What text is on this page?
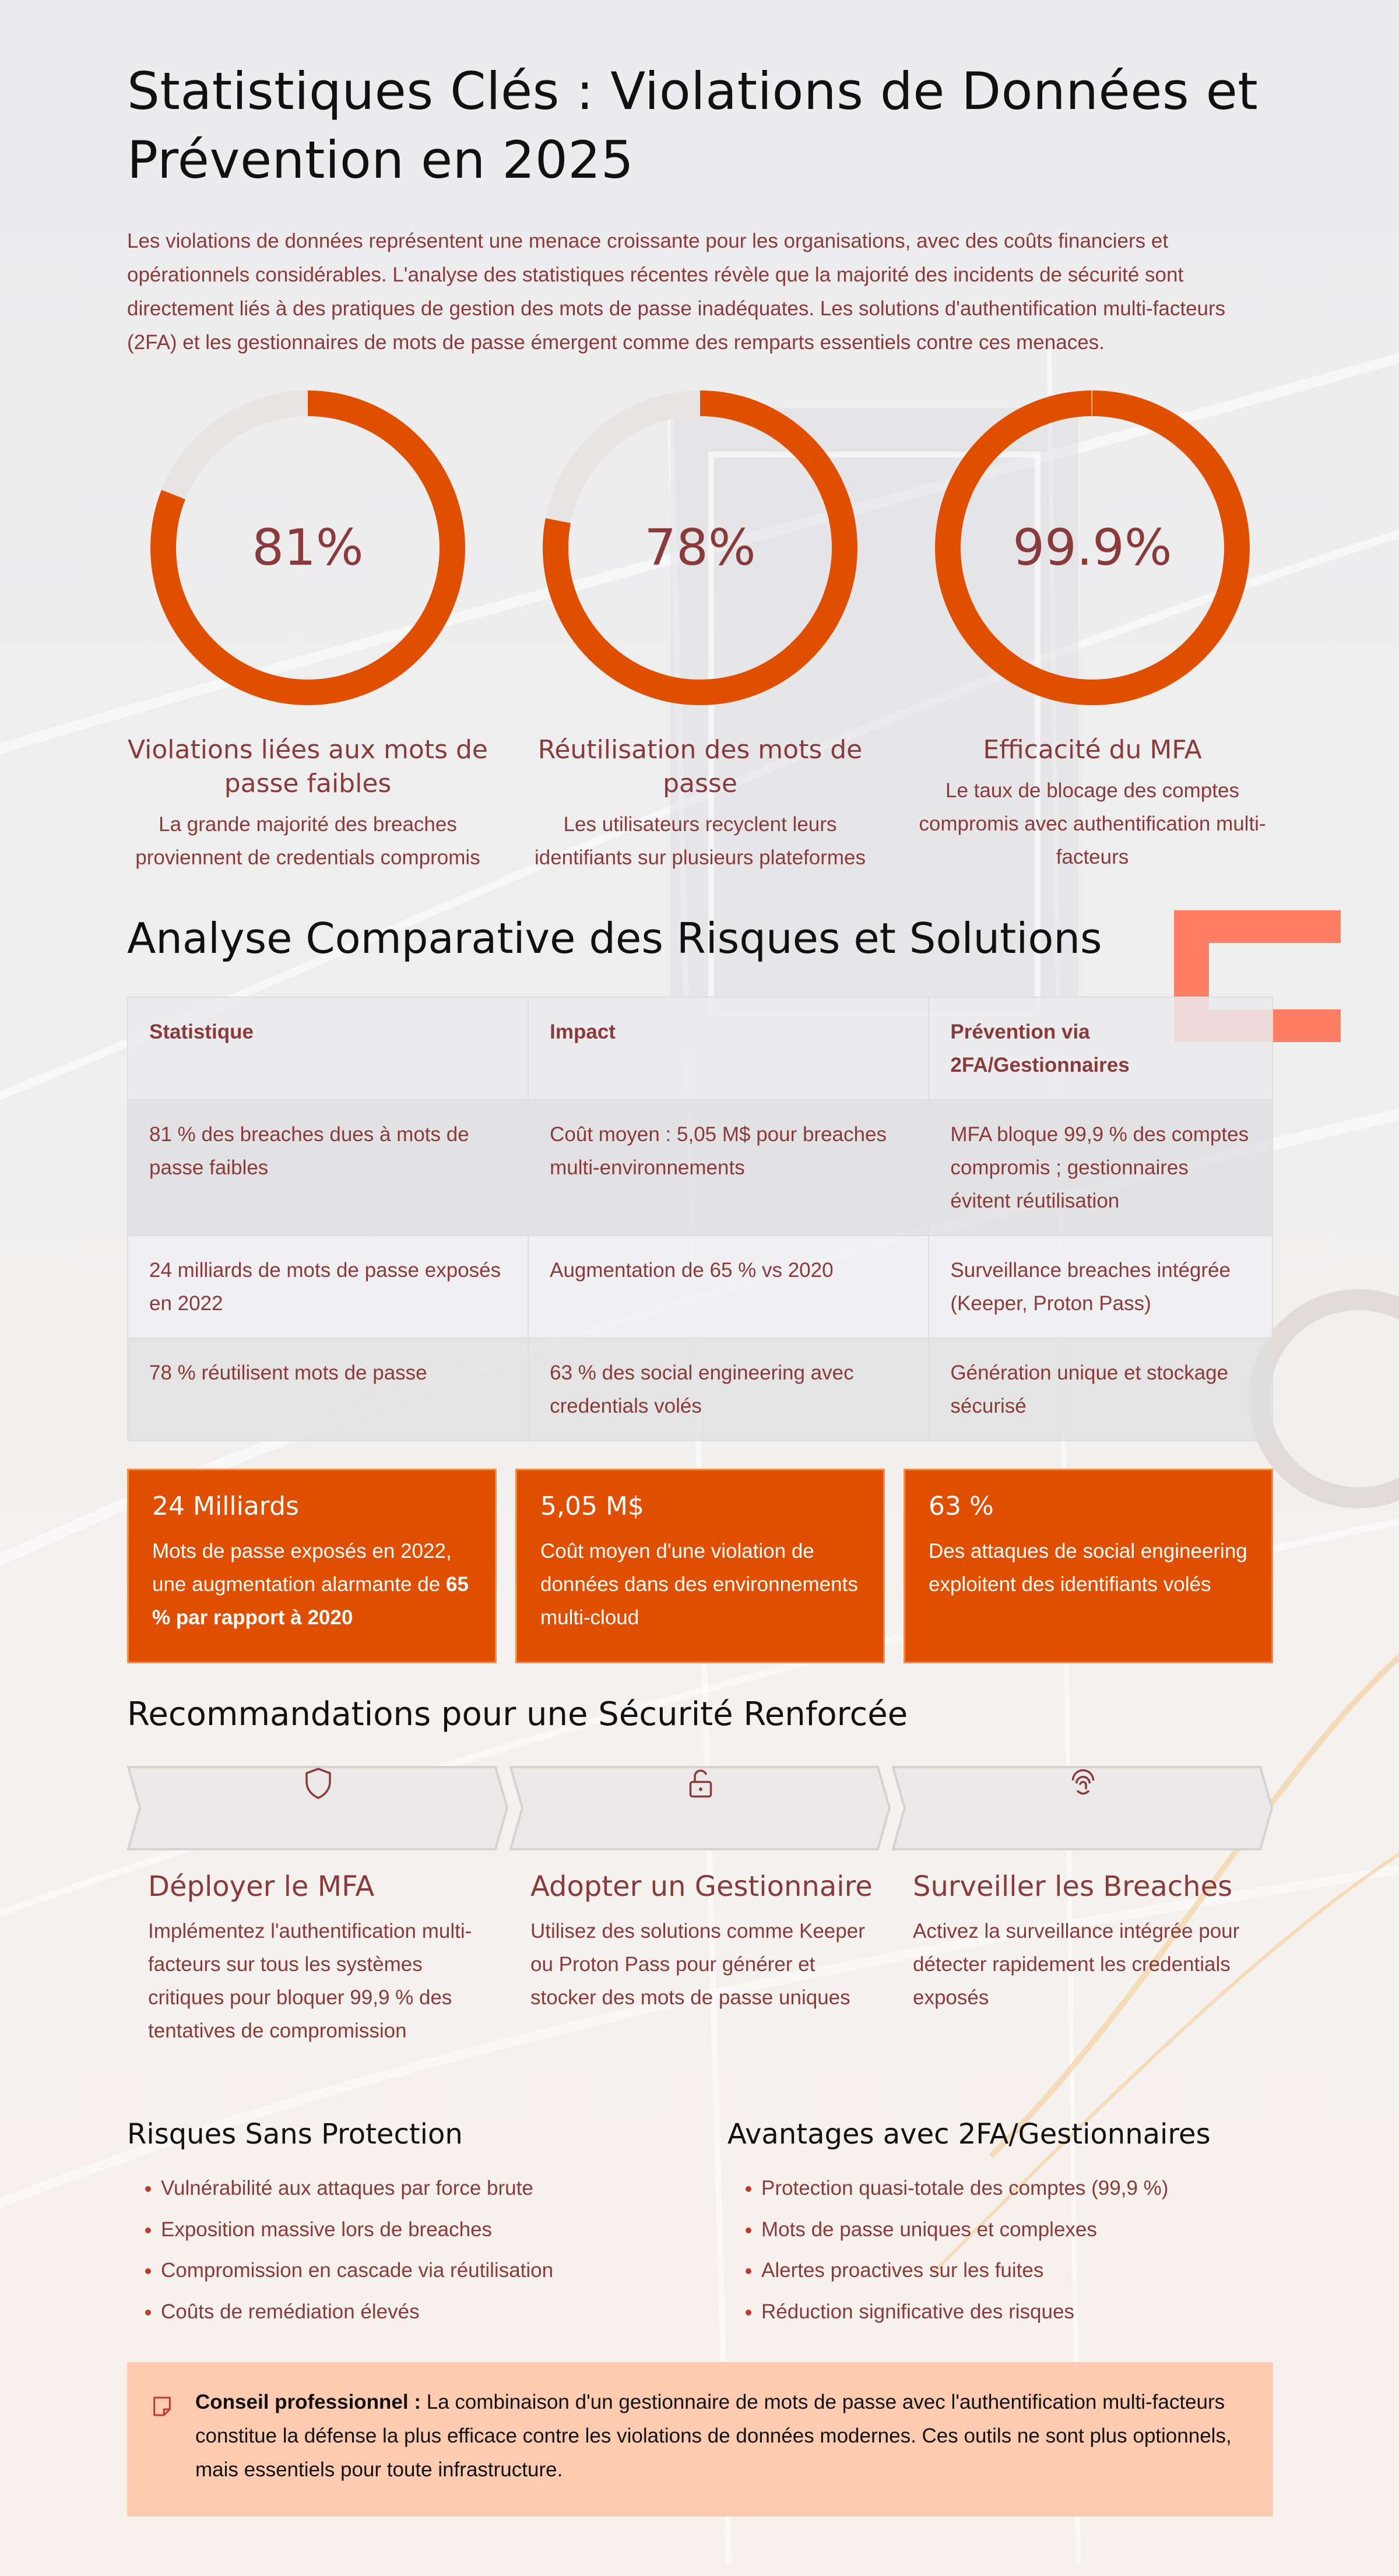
Statistiques Clés : Violations de Données et Prévention en 2025

Les violations de données représentent une menace croissante pour les organisations, avec des coûts financiers et opérationnels considérables. L'analyse des statistiques récentes révèle que la majorité des incidents de sécurité sont directement liés à des pratiques de gestion des mots de passe inadéquates. Les solutions d'authentification multi-facteurs (2FA) et les gestionnaires de mots de passe émergent comme des remparts essentiels contre ces menaces.

81%
Violations liées aux mots de passe faibles

La grande majorité des breaches proviennent de credentials compromis

78%
Réutilisation des mots de passe

Les utilisateurs recyclent leurs identifiants sur plusieurs plateformes

99.9%
Efficacité du MFA

Le taux de blocage des comptes compromis avec authentification multi-facteurs

Analyse Comparative des Risques et Solutions
Statistique	Impact	Prévention via 2FA/Gestionnaires
81 % des breaches dues à mots de passe faibles	Coût moyen : 5,05 M$ pour breaches multi-environnements	MFA bloque 99,9 % des comptes compromis ; gestionnaires évitent réutilisation
24 milliards de mots de passe exposés en 2022	Augmentation de 65 % vs 2020	Surveillance breaches intégrée (Keeper, Proton Pass)
78 % réutilisent mots de passe	63 % des social engineering avec credentials volés	Génération unique et stockage sécurisé

24 Milliards

Mots de passe exposés en 2022, une augmentation alarmante de 65 % par rapport à 2020

5,05 M$

Coût moyen d'une violation de données dans des environnements multi-cloud

63 %

Des attaques de social engineering exploitent des identifiants volés

Recommandations pour une Sécurité Renforcée
Déployer le MFA

Implémentez l'authentification multi-facteurs sur tous les systèmes critiques pour bloquer 99,9 % des tentatives de compromission

Adopter un Gestionnaire

Utilisez des solutions comme Keeper ou Proton Pass pour générer et stocker des mots de passe uniques

Surveiller les Breaches

Activez la surveillance intégrée pour détecter rapidement les credentials exposés

Risques Sans Protection
• Vulnérabilité aux attaques par force brute
• Exposition massive lors de breaches
• Compromission en cascade via réutilisation
• Coûts de remédiation élevés
Avantages avec 2FA/Gestionnaires
• Protection quasi-totale des comptes (99,9 %)
• Mots de passe uniques et complexes
• Alertes proactives sur les fuites
• Réduction significative des risques
Conseil professionnel : La combinaison d'un gestionnaire de mots de passe avec l'authentification multi-facteurs constitue la défense la plus efficace contre les violations de données modernes. Ces outils ne sont plus optionnels, mais essentiels pour toute infrastructure.
